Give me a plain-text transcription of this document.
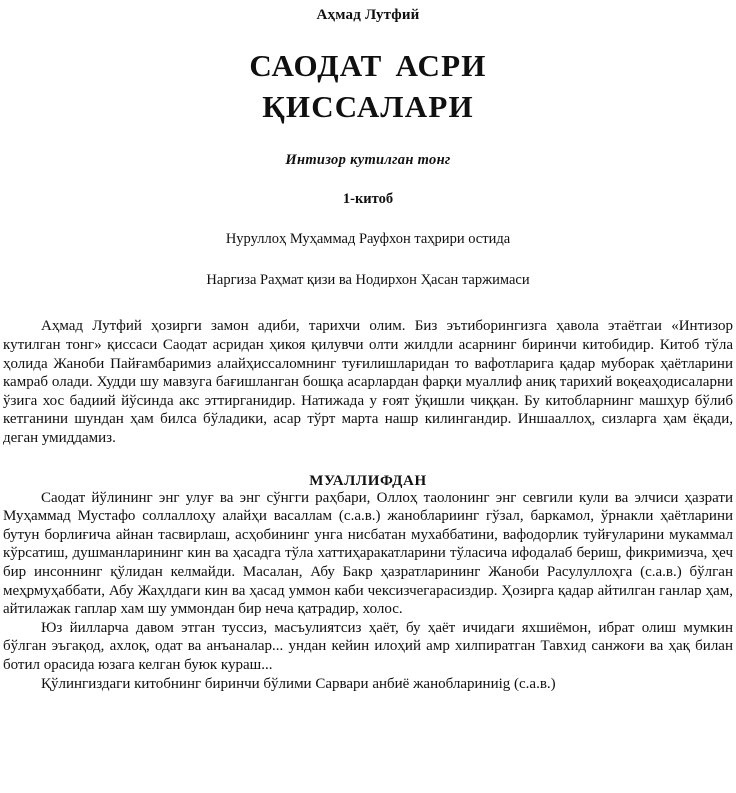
Аҳмад Лутфий
САОДАТ АСРИ
ҚИССАЛАРИ
Интизор кутилган тонг
1-китоб
Нуруллоҳ Муҳаммад Рауфхон таҳрири остида
Наргиза Раҳмат қизи ва Нодирхон Ҳасан таржимаси

Аҳмад Лутфий ҳозирги замон адиби, тарихчи олим. Биз эътиборингизга ҳавола этаётгаи «Интизор кутилган тонг» қиссаси Саодат асридан ҳикоя қилувчи олти жилдли асарнинг биринчи китобидир. Китоб тўла ҳолида Жаноби Пайғамбаримиз алайҳиссаломнинг туғилишларидан то вафотларига қадар муборак ҳаётларини камраб олади. Худди шу мавзуга бағишланган бошқа асарлардан фарқи муаллиф аниқ тарихий воқеаҳодисаларни ўзига хос бадиий йўсинда акс эттирганидир. Натижада у ғоят ўқишли чиққан. Бу китобларнинг машҳур бўлиб кетганини шундан ҳам билса бўладики, асар тўрт марта нашр килингандир. Иншааллоҳ, сизларга ҳам ёқади, деган умиддамиз.

МУАЛЛИФДАН

Саодат йўлининг энг улуғ ва энг сўнгги раҳбари, Оллоҳ таолонинг энг севгили кули ва элчиси ҳазрати Муҳаммад Мустафо соллаллоҳу алайҳи васаллам (с.а.в.) жаноблариинг гўзал, баркамол, ўрнакли ҳаётларини бутун борлиғича айнан тасвирлаш, асҳобининг унга нисбатан мухаббатини, вафодорлик туйғуларини мукаммал кўрсатиш, душманларининг кин ва ҳасадга тўла хаттиҳаракатларини тўласича ифодалаб бериш, фикримизча, ҳеч бир инсоннинг қўлидан келмайди. Масалан, Абу Бакр ҳазратларининг Жаноби Расулуллоҳга (с.а.в.) бўлган меҳрмуҳаббати, Абу Жаҳлдаги кин ва ҳасад уммон каби чексизчегарасиздир. Ҳозирга қадар айтилган ганлар ҳам, айтилажак гаплар хам шу уммондан бир неча қатрадир, холос.

Юз йилларча давом этган туссиз, масъулиятсиз ҳаёт, бу ҳаёт ичидаги яхшиёмон, ибрат олиш мумкин бўлган эъгақод, ахлоқ, одат ва анъаналар... ундан кейин илоҳий амр хилпиратган Тавхид санжоғи ва ҳақ билан ботил орасида юзага келган буюк кураш...

Қўлингиздаги китобнинг биринчи бўлими Сарвари анбиё жаноблариниig (с.а.в.)
